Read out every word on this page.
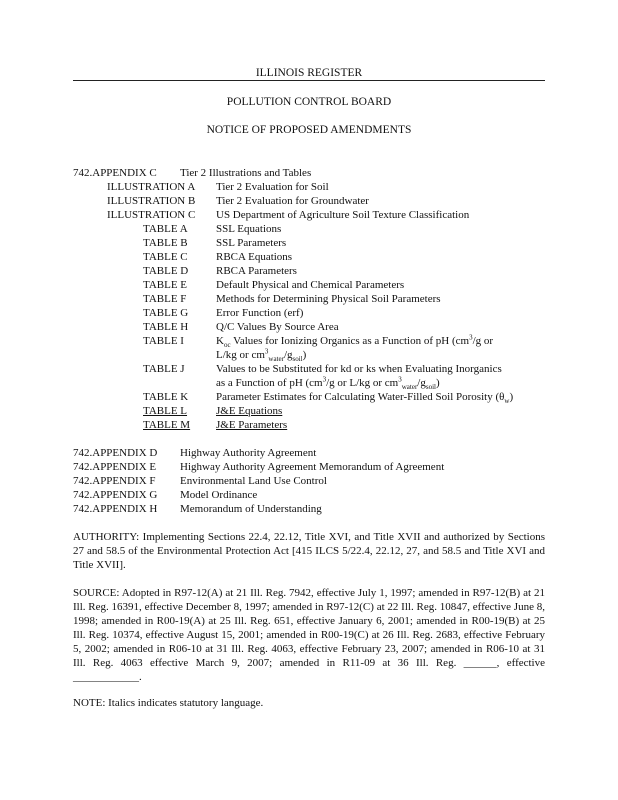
ILLINOIS REGISTER
POLLUTION CONTROL BOARD
NOTICE OF PROPOSED AMENDMENTS
742.APPENDIX C Tier 2 Illustrations and Tables
ILLUSTRATION A Tier 2 Evaluation for Soil
ILLUSTRATION B Tier 2 Evaluation for Groundwater
ILLUSTRATION C US Department of Agriculture Soil Texture Classification
TABLE A	SSL Equations
TABLE B	SSL Parameters
TABLE C	RBCA Equations
TABLE D	RBCA Parameters
TABLE E	Default Physical and Chemical Parameters
TABLE F	Methods for Determining Physical Soil Parameters
TABLE G	Error Function (erf)
TABLE H	Q/C Values By Source Area
TABLE I	$K_{oc}$ Values for Ionizing Organics as a Function of pH ($cm^3/g$ or
L/kg or $cm^3_{water}/g_{soil}$)
TABLE J	Values to be Substituted for kd or ks when Evaluating Inorganics
as a Function of pH ($cm^3/g$ or L/kg or $cm^3_{water}/g_{soil}$)
TABLE K	Parameter Estimates for Calculating Water-Filled Soil Porosity $(\theta_w)$
TABLE L	J&E Equations
TABLE M J&E Parameters
742.APPENDIX D Highway Authority Agreement
742.APPENDIX E Highway Authority Agreement Memorandum of Agreement
742.APPENDIX F Environmental Land Use Control
742.APPENDIX G Model Ordinance
742.APPENDIX H Memorandum of Understanding
AUTHORITY: Implementing Sections 22.4, 22.12, Title XVI, and Title XVII and authorized by Sections 27 and 58.5 of the Environmental Protection Act [415 ILCS 5/22.4, 22.12, 27, and 58.5 and Title XVI and Title XVII].
SOURCE: Adopted in R97-12(A) at 21 Ill. Reg. 7942, effective July 1, 1997; amended in R97-12(B) at 21 Ill. Reg. 16391, effective December 8, 1997; amended in R97-12(C) at 22 Ill. Reg. 10847, effective June 8, 1998; amended in R00-19(A) at 25 Ill. Reg. 651, effective January 6, 2001; amended in R00-19(B) at 25 Ill. Reg. 10374, effective August 15, 2001; amended in R00-19(C) at 26 Ill. Reg. 2683, effective February 5, 2002; amended in R06-10 at 31 Ill. Reg. 4063, effective February 23, 2007; amended in R06-10 at 31 Ill. Reg. 4063 effective March 9, 2007; amended in R11-09 at 36 Ill. Reg. ______, effective ____________.
NOTE: Italics indicates statutory language.
